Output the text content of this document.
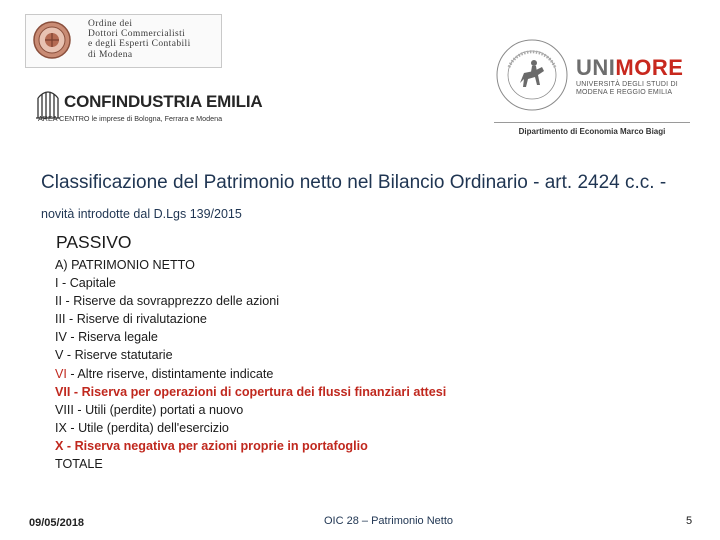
Ordine dei
Dottori Commercialisti
e degli Esperti Contabili
di Modena
CONFINDUSTRIA EMILIA
AREA CENTRO le imprese di Bologna, Ferrara e Modena
UNIMORE
UNIVERSITÀ DEGLI STUDI DI
MODENA E REGGIO EMILIA
Dipartimento di Economia Marco Biagi
Classificazione del Patrimonio netto nel Bilancio Ordinario - art. 2424 c.c. - novità introdotte dal D.Lgs 139/2015
PASSIVO
A) PATRIMONIO NETTO
I - Capitale
II - Riserve da sovrapprezzo delle azioni
III - Riserve di rivalutazione
IV - Riserva legale
V - Riserve statutarie
VI - Altre riserve, distintamente indicate
VII - Riserva per operazioni di copertura dei flussi finanziari attesi
VIII - Utili (perdite) portati a nuovo
IX - Utile (perdita) dell'esercizio
X - Riserva negativa per azioni proprie in portafoglio
TOTALE
09/05/2018	OIC 28 – Patrimonio Netto	5
